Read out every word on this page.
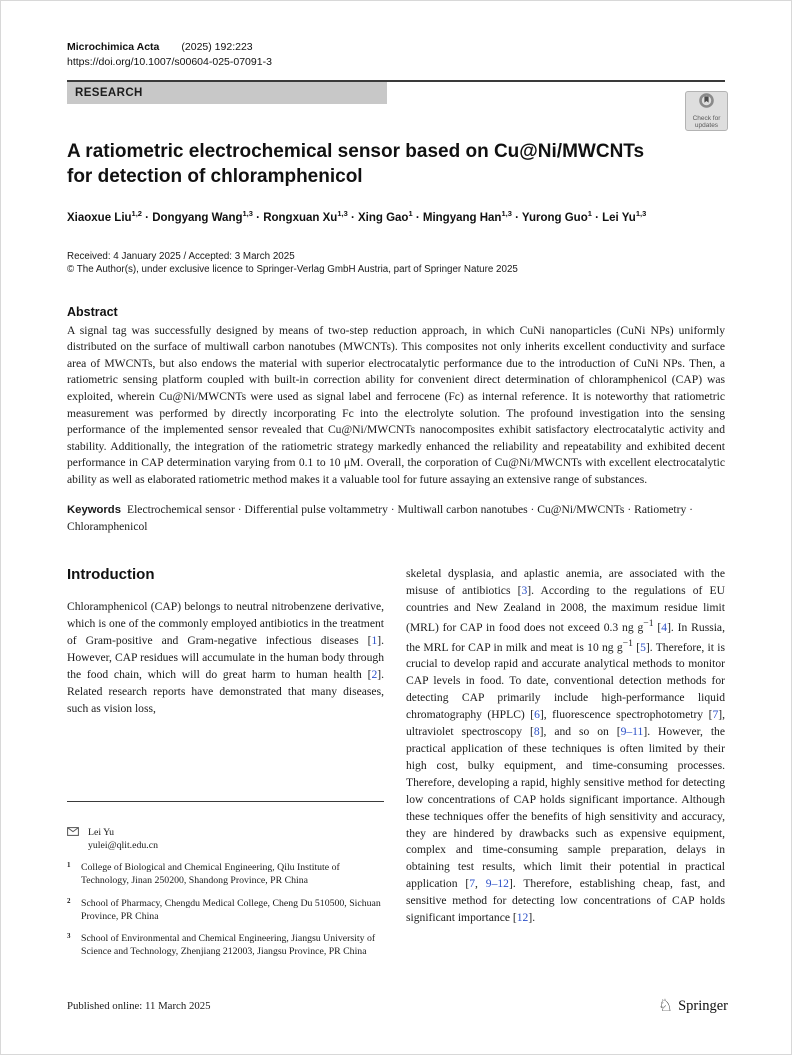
Microchimica Acta (2025) 192:223
https://doi.org/10.1007/s00604-025-07091-3
RESEARCH
Check for
updates
A ratiometric electrochemical sensor based on Cu@Ni/MWCNTs
for detection of chloramphenicol
Xiaoxue Liu$^{1,2}$ · Dongyang Wang$^{1,3}$ · Rongxuan Xu$^{1,3}$ · Xing Gao$^1$ · Mingyang Han$^{1,3}$ · Yurong Guo$^1$ · Lei Yu$^{1,3}$
Received: 4 January 2025 / Accepted: 3 March 2025
© The Author(s), under exclusive licence to Springer-Verlag GmbH Austria, part of Springer Nature 2025
Abstract

A signal tag was successfully designed by means of two-step reduction approach, in which CuNi nanoparticles (CuNi NPs) uniformly distributed on the surface of multiwall carbon nanotubes (MWCNTs). This composites not only inherits excellent conductivity and surface area of MWCNTs, but also endows the material with superior electrocatalytic performance due to the introduction of CuNi NPs. Then, a ratiometric sensing platform coupled with built-in correction ability for convenient direct determination of chloramphenicol (CAP) was exploited, wherein Cu@Ni/MWCNTs were used as signal label and ferrocene (Fc) as internal reference. It is noteworthy that ratiometric measurement was performed by directly incorporating Fc into the electrolyte solution. The profound investigation into the sensing performance of the implemented sensor revealed that Cu@Ni/MWCNTs nanocomposites exhibit satisfactory electrocatalytic activity and stability. Additionally, the integration of the ratiometric strategy markedly enhanced the reliability and repeatability and exhibited decent performance in CAP determination varying from 0.1 to 10 μM. Overall, the corporation of Cu@Ni/MWCNTs with excellent electrocatalytic ability as well as elaborated ratiometric method makes it a valuable tool for future assaying an extensive range of substances.

Keywords Electrochemical sensor · Differential pulse voltammetry · Multiwall carbon nanotubes · Cu@Ni/MWCNTs · Ratiometry · Chloramphenicol
Introduction

Chloramphenicol (CAP) belongs to neutral nitrobenzene derivative, which is one of the commonly employed antibiotics in the treatment of Gram-positive and Gram-negative infectious diseases [1]. However, CAP residues will accumulate in the human body through the food chain, which will do great harm to human health [2]. Related research reports have demonstrated that many diseases, such as vision loss,

Lei Yu
yulei@qlit.edu.cn
1	College of Biological and Chemical Engineering, Qilu Institute of Technology, Jinan 250200, Shandong Province, PR China
2	School of Pharmacy, Chengdu Medical College, Cheng Du 510500, Sichuan Province, PR China
3	School of Environmental and Chemical Engineering, Jiangsu University of Science and Technology, Zhenjiang 212003, Jiangsu Province, PR China

skeletal dysplasia, and aplastic anemia, are associated with the misuse of antibiotics [3]. According to the regulations of EU countries and New Zealand in 2008, the maximum residue limit (MRL) for CAP in food does not exceed 0.3 ng $g^{-1}$ [4]. In Russia, the MRL for CAP in milk and meat is 10 ng $g^{-1}$ [5]. Therefore, it is crucial to develop rapid and accurate analytical methods to monitor CAP levels in food. To date, conventional detection methods for detecting CAP primarily include high-performance liquid chromatography (HPLC) [6], fluorescence spectrophotometry [7], ultraviolet spectroscopy [8], and so on [9–11]. However, the practical application of these techniques is often limited by their high cost, bulky equipment, and time-consuming processes. Therefore, developing a rapid, highly sensitive method for detecting low concentrations of CAP holds significant importance. Although these techniques offer the benefits of high sensitivity and accuracy, they are hindered by drawbacks such as expensive equipment, complex and time-consuming sample preparation, delays in obtaining test results, which limit their potential in practical application [7, 9–12]. Therefore, establishing cheap, fast, and sensitive method for detecting low concentrations of CAP holds significant importance [12].

Published online: 11 March 2025	♘ Springer
